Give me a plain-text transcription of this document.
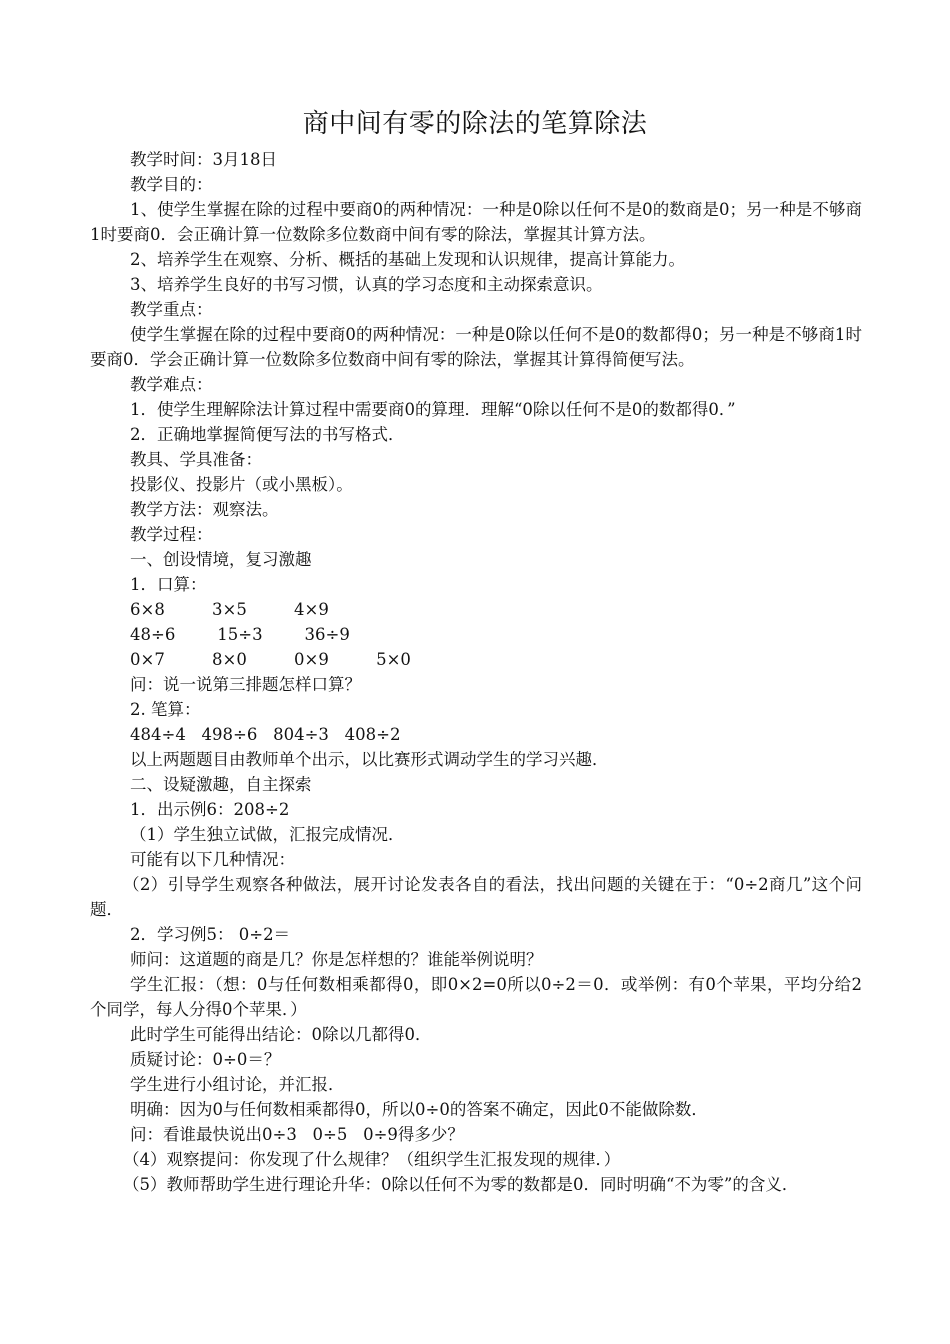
商中间有零的除法的笔算除法

教学时间：3月18日

教学目的：

1、使学生掌握在除的过程中要商0的两种情况：一种是0除以任何不是0的数商是0；另一种是不够商1时要商0．会正确计算一位数除多位数商中间有零的除法，掌握其计算方法。

2、培养学生在观察、分析、概括的基础上发现和认识规律，提高计算能力。

3、培养学生良好的书写习惯，认真的学习态度和主动探索意识。

教学重点：

使学生掌握在除的过程中要商0的两种情况：一种是0除以任何不是0的数都得0；另一种是不够商1时要商0．学会正确计算一位数除多位数商中间有零的除法，掌握其计算得简便写法。

教学难点：

1．使学生理解除法计算过程中需要商0的算理．理解“0除以任何不是0的数都得0．”

2．正确地掌握简便写法的书写格式．

教具、学具准备：

投影仪、投影片（或小黑板）。

教学方法：观察法。

教学过程：

一、创设情境，复习激趣

1．口算：

6×8         3×5         4×9

48÷6        15÷3        36÷9

0×7         8×0         0×9         5×0

问：说一说第三排题怎样口算？

2. 笔算：

484÷4   498÷6   804÷3   408÷2

以上两题题目由教师单个出示，以比赛形式调动学生的学习兴趣．

二、设疑激趣，自主探索

1．出示例6：208÷2

（1）学生独立试做，汇报完成情况．

可能有以下几种情况：

（2）引导学生观察各种做法，展开讨论发表各自的看法，找出问题的关键在于：“0÷2商几”这个问题．

2．学习例5： 0÷2＝

师问：这道题的商是几？你是怎样想的？谁能举例说明？

学生汇报：（想：0与任何数相乘都得0，即0×2=0所以0÷2＝0．或举例：有0个苹果，平均分给2个同学，每人分得0个苹果．）

此时学生可能得出结论：0除以几都得0．

质疑讨论：0÷0＝？

学生进行小组讨论，并汇报．

明确：因为0与任何数相乘都得0，所以0÷0的答案不确定，因此0不能做除数．

问：看谁最快说出0÷3   0÷5   0÷9得多少？

（4）观察提问：你发现了什么规律？（组织学生汇报发现的规律．）

（5）教师帮助学生进行理论升华：0除以任何不为零的数都是0．同时明确“不为零”的含义．
